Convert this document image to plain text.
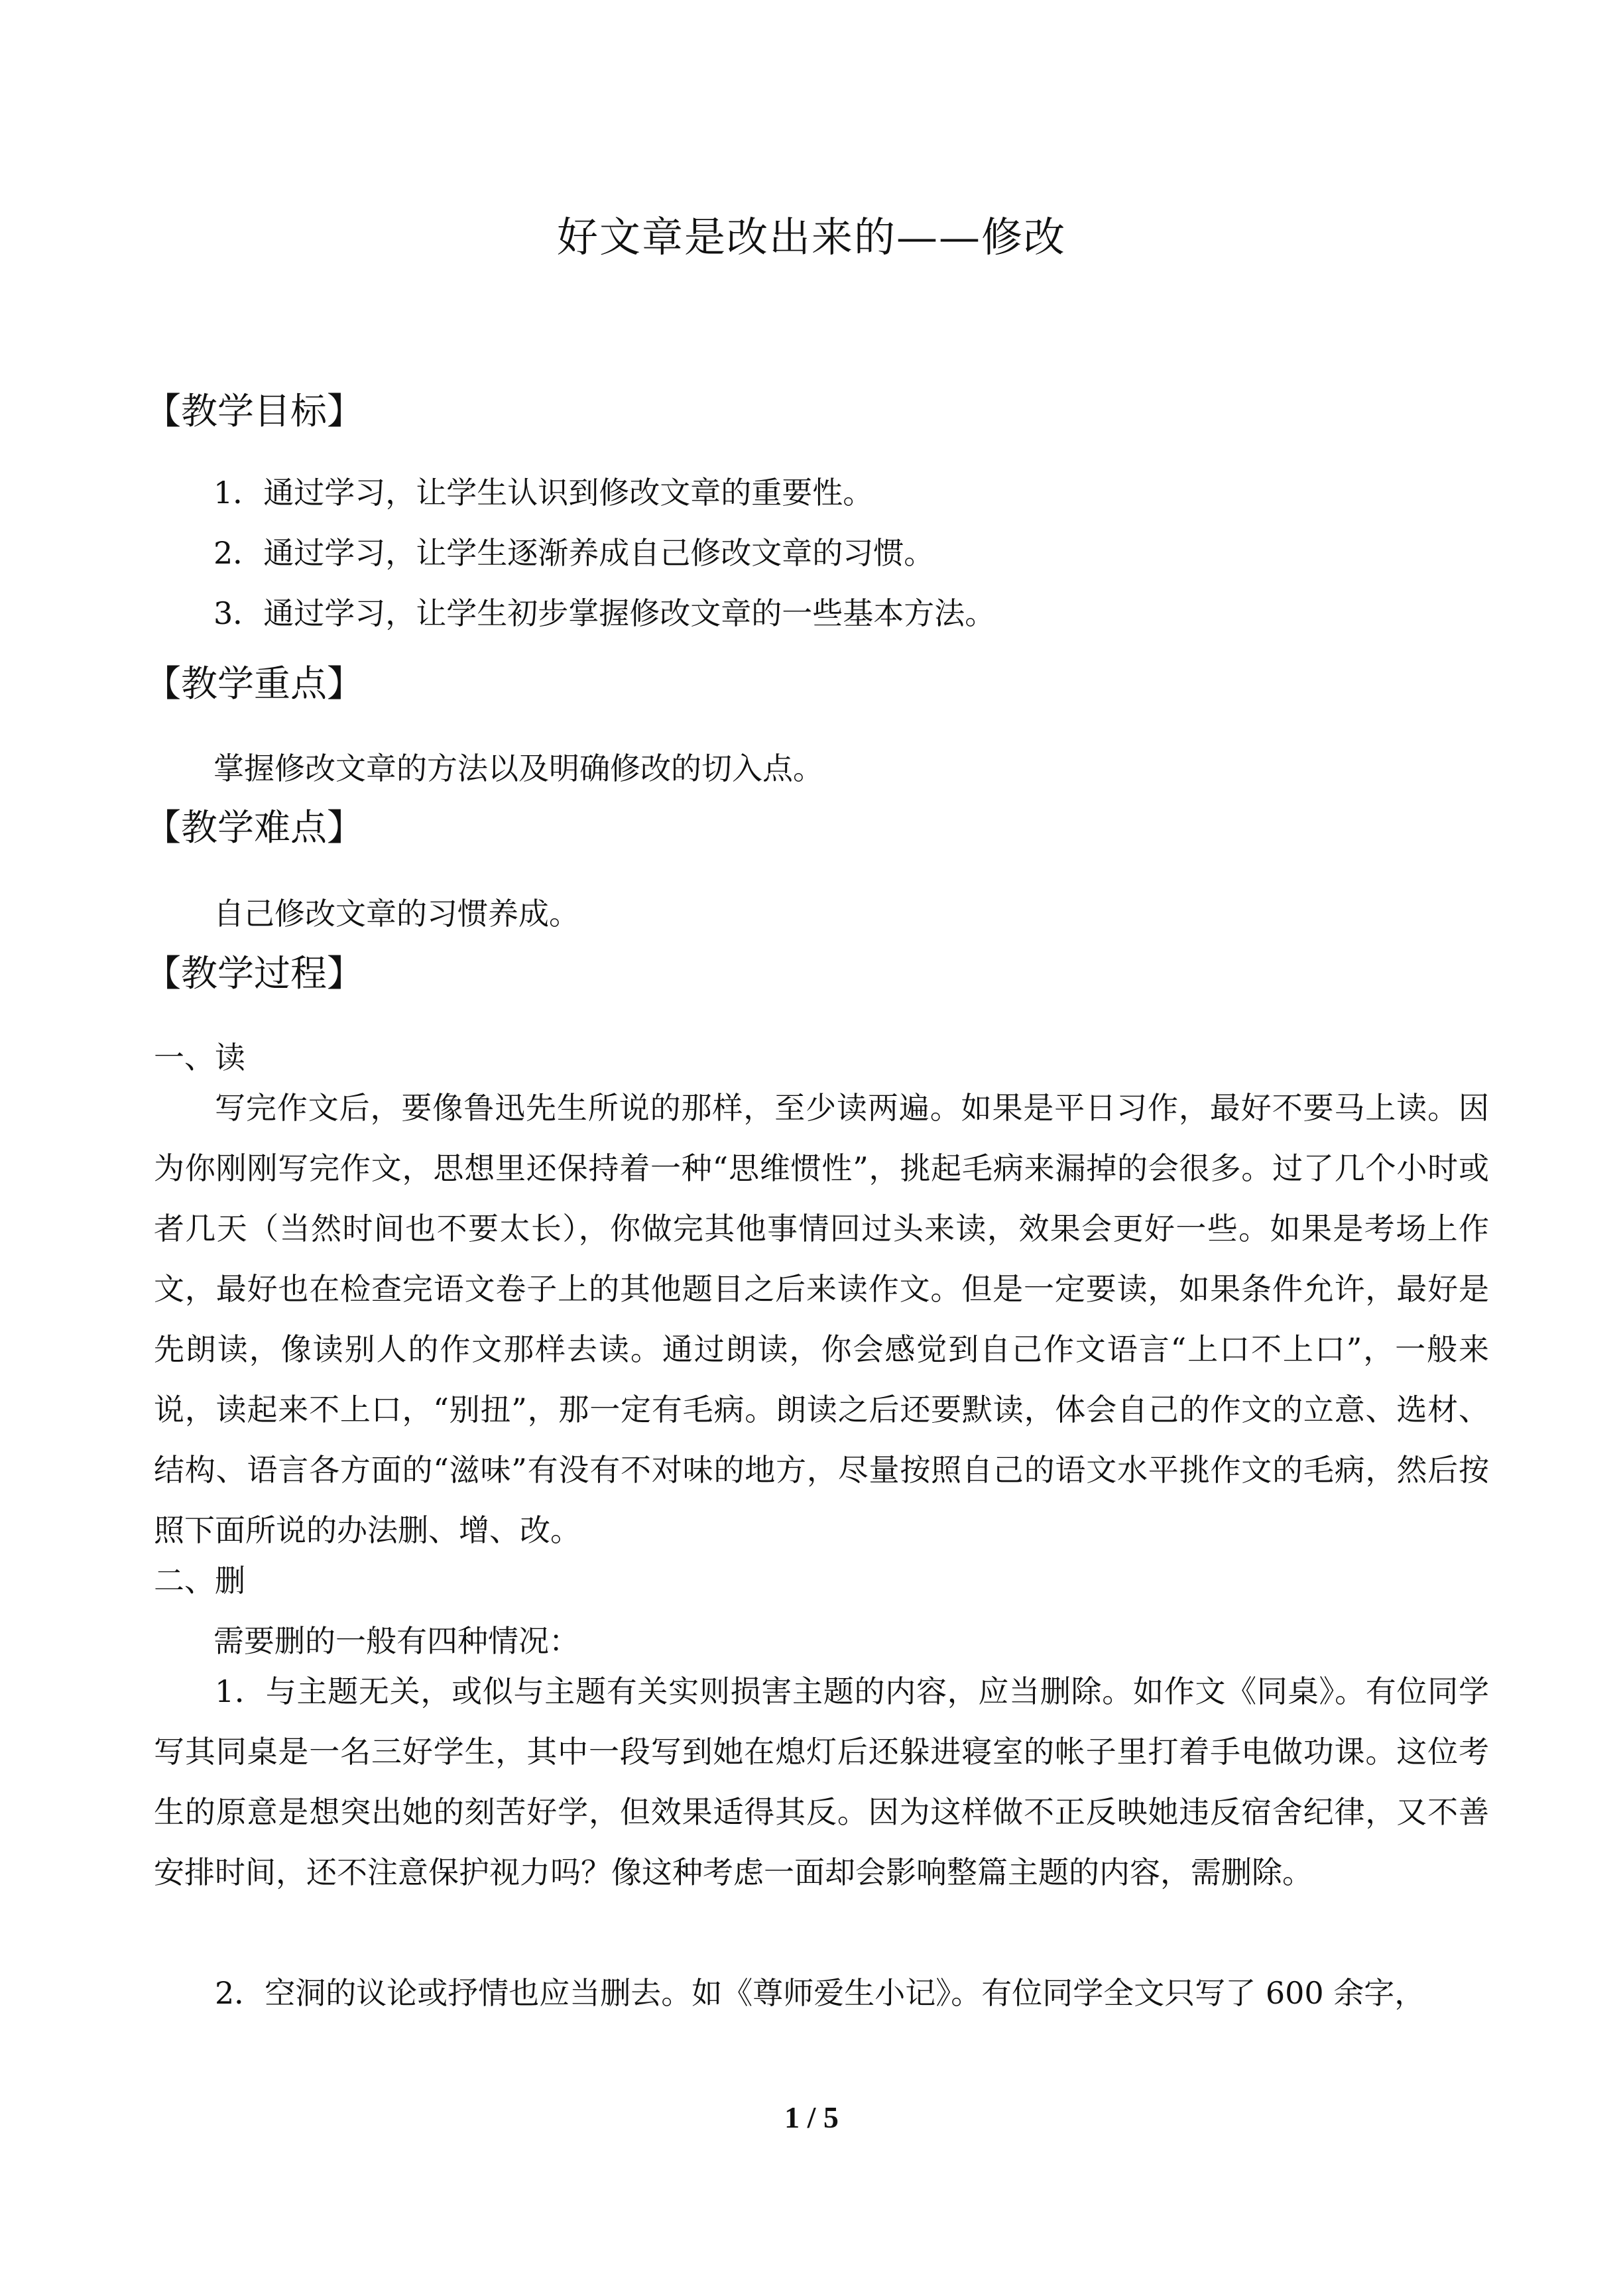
好文章是改出来的——修改
【教学目标】
1．通过学习，让学生认识到修改文章的重要性。
2．通过学习，让学生逐渐养成自己修改文章的习惯。
3．通过学习，让学生初步掌握修改文章的一些基本方法。
【教学重点】
掌握修改文章的方法以及明确修改的切入点。
【教学难点】
自己修改文章的习惯养成。
【教学过程】
一、读

写完作文后，要像鲁迅先生所说的那样，至少读两遍。如果是平日习作，最好不要马上读。因为你刚刚写完作文，思想里还保持着一种“思维惯性”，挑起毛病来漏掉的会很多。过了几个小时或者几天（当然时间也不要太长），你做完其他事情回过头来读，效果会更好一些。如果是考场上作文，最好也在检查完语文卷子上的其他题目之后来读作文。但是一定要读，如果条件允许，最好是先朗读，像读别人的作文那样去读。通过朗读，你会感觉到自己作文语言“上口不上口”，一般来说，读起来不上口，“别扭”，那一定有毛病。朗读之后还要默读，体会自己的作文的立意、选材、结构、语言各方面的“滋味”有没有不对味的地方，尽量按照自己的语文水平挑作文的毛病，然后按照下面所说的办法删、增、改。

二、删
需要删的一般有四种情况：

1．与主题无关，或似与主题有关实则损害主题的内容，应当删除。如作文《同桌》。有位同学写其同桌是一名三好学生，其中一段写到她在熄灯后还躲进寝室的帐子里打着手电做功课。这位考生的原意是想突出她的刻苦好学，但效果适得其反。因为这样做不正反映她违反宿舍纪律，又不善安排时间，还不注意保护视力吗？像这种考虑一面却会影响整篇主题的内容，需删除。

2．空洞的议论或抒情也应当删去。如《尊师爱生小记》。有位同学全文只写了 600 余字，

1 / 5
